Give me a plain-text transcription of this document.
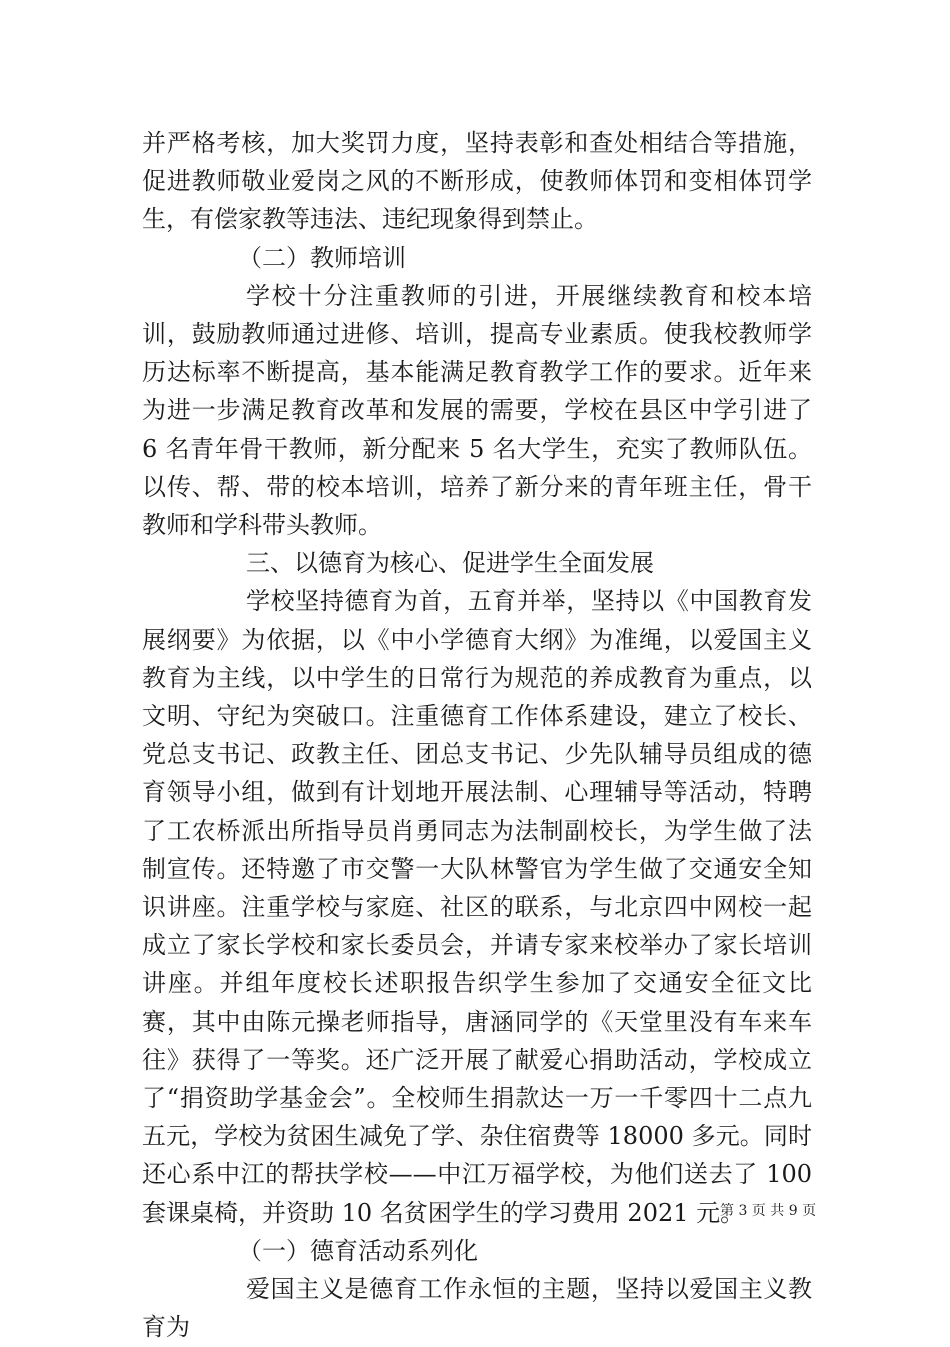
并严格考核，加大奖罚力度，坚持表彰和查处相结合等措施，促进教师敬业爱岗之风的不断形成，使教师体罚和变相体罚学生，有偿家教等违法、违纪现象得到禁止。

（二）教师培训

学校十分注重教师的引进，开展继续教育和校本培训，鼓励教师通过进修、培训，提高专业素质。使我校教师学历达标率不断提高，基本能满足教育教学工作的要求。近年来为进一步满足教育改革和发展的需要，学校在县区中学引进了 6 名青年骨干教师，新分配来 5 名大学生，充实了教师队伍。以传、帮、带的校本培训，培养了新分来的青年班主任，骨干教师和学科带头教师。

三、以德育为核心、促进学生全面发展

学校坚持德育为首，五育并举，坚持以《中国教育发展纲要》为依据，以《中小学德育大纲》为准绳，以爱国主义教育为主线，以中学生的日常行为规范的养成教育为重点，以文明、守纪为突破口。注重德育工作体系建设，建立了校长、党总支书记、政教主任、团总支书记、少先队辅导员组成的德育领导小组，做到有计划地开展法制、心理辅导等活动，特聘了工农桥派出所指导员肖勇同志为法制副校长，为学生做了法制宣传。还特邀了市交警一大队林警官为学生做了交通安全知识讲座。注重学校与家庭、社区的联系，与北京四中网校一起成立了家长学校和家长委员会，并请专家来校举办了家长培训讲座。并组年度校长述职报告织学生参加了交通安全征文比赛，其中由陈元操老师指导，唐涵同学的《天堂里没有车来车往》获得了一等奖。还广泛开展了献爱心捐助活动，学校成立了“捐资助学基金会”。全校师生捐款达一万一千零四十二点九五元，学校为贫困生减免了学、杂住宿费等 18000 多元。同时还心系中江的帮扶学校——中江万福学校，为他们送去了 100 套课桌椅，并资助 10 名贫困学生的学习费用 2021 元。

（一）德育活动系列化

爱国主义是德育工作永恒的主题，坚持以爱国主义教育为

第 3 页 共 9 页
